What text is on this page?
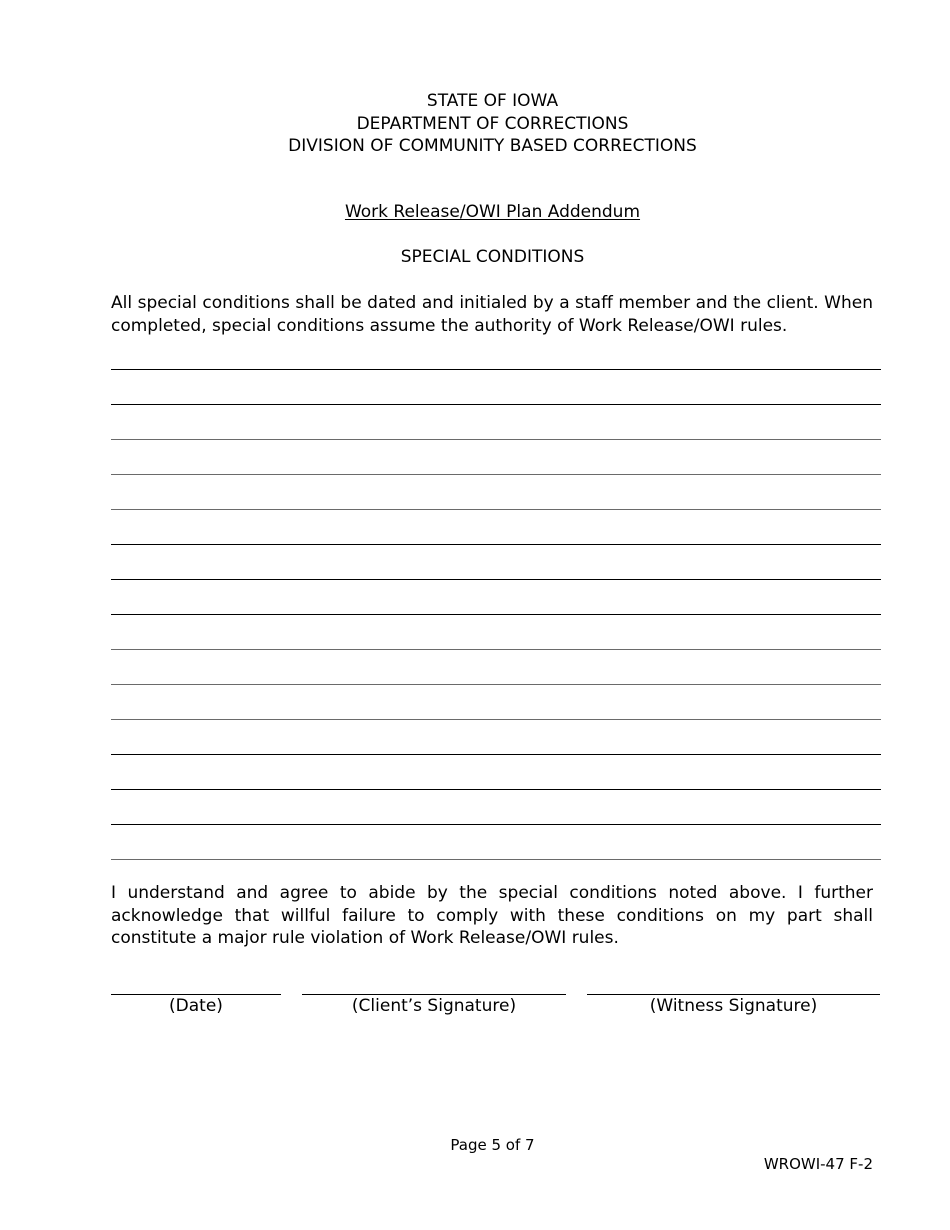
STATE OF IOWA
DEPARTMENT OF CORRECTIONS
DIVISION OF COMMUNITY BASED CORRECTIONS
Work Release/OWI Plan Addendum
SPECIAL CONDITIONS
All special conditions shall be dated and initialed by a staff member and the client. When completed, special conditions assume the authority of Work Release/OWI rules.
I understand and agree to abide by the special conditions noted above. I further acknowledge that willful failure to comply with these conditions on my part shall constitute a major rule violation of Work Release/OWI rules.
(Date)	(Client’s Signature)	(Witness Signature)
Page 5 of 7
WROWI-47 F-2
